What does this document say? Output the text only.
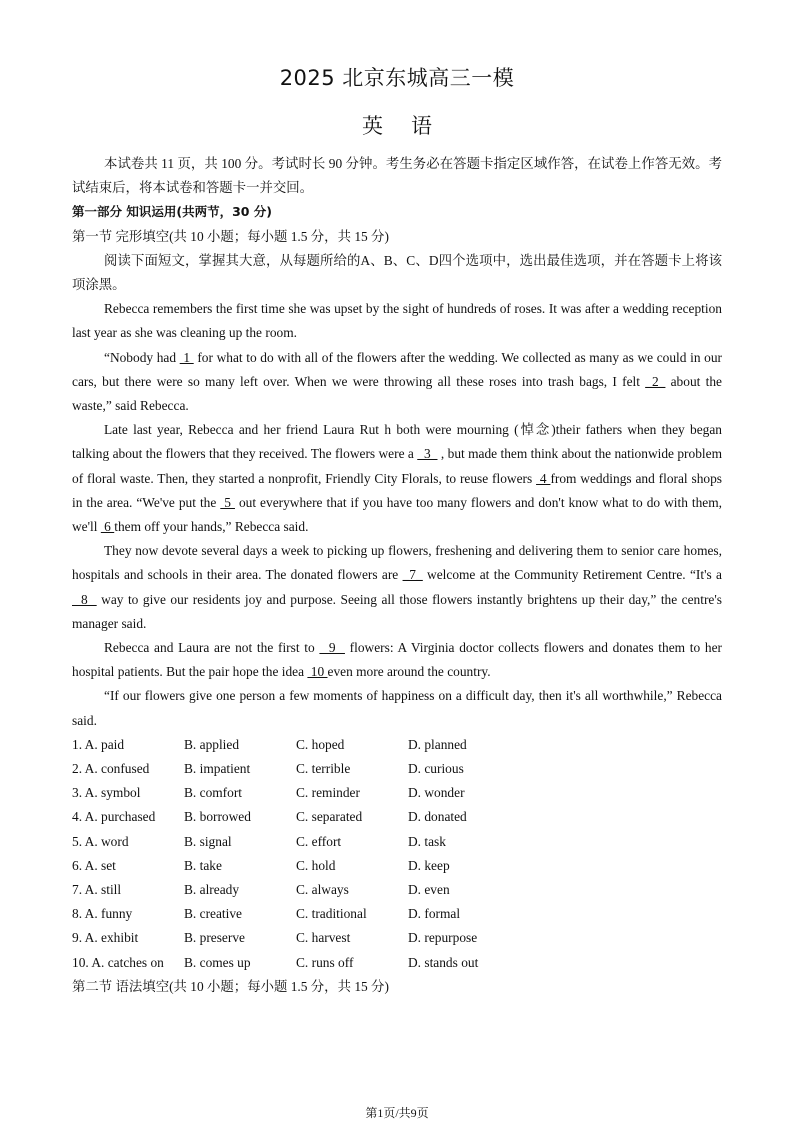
2025 北京东城高三一模
英语

本试卷共 11 页，共 100 分。考试时长 90 分钟。考生务必在答题卡指定区域作答，在试卷上作答无效。考试结束后，将本试卷和答题卡一并交回。

第一部分 知识运用(共两节，30 分)

第一节 完形填空(共 10 小题；每小题 1.5 分，共 15 分)

阅读下面短文，掌握其大意，从每题所给的A、B、C、D四个选项中，选出最佳选项，并在答题卡上将该项涂黑。

Rebecca remembers the first time she was upset by the sight of hundreds of roses. It was after a wedding reception last year as she was cleaning up the room.

“Nobody had  1  for what to do with all of the flowers after the wedding. We collected as many as we could in our cars, but there were so many left over. When we were throwing all these roses into trash bags, I felt _2_ about the waste,” said Rebecca.

Late last year, Rebecca and her friend Laura Rut h both were mourning (悼念)their fathers when they began talking about the flowers that they received. The flowers were a   3   , but made them think about the nationwide problem of floral waste. Then, they started a nonprofit, Friendly City Florals, to reuse flowers  4 from weddings and floral shops in the area. “We've put the  5  out everywhere that if you have too many flowers and don't know what to do with them, we'll  6 them off your hands,” Rebecca said.

They now devote several days a week to picking up flowers, freshening and delivering them to senior care homes, hospitals and schools in their area. The donated flowers are _7_ welcome at the Community Retirement Centre. “It's a   8   way to give our residents joy and purpose. Seeing all those flowers instantly brightens up their day,” the centre's manager said.

Rebecca and Laura are not the first to   9   flowers: A Virginia doctor collects flowers and donates them to her hospital patients. But the pair hope the idea  10 even more around the country.

“If our flowers give one person a few moments of happiness on a difficult day, then it's all worthwhile,” Rebecca said.

1. A. paid	B. applied	C. hoped	D. planned
2. A. confused	B. impatient	C. terrible	D. curious
3. A. symbol	B. comfort	C. reminder	D. wonder
4. A. purchased	B. borrowed	C. separated	D. donated
5. A. word	B. signal	C. effort	D. task
6. A. set	B. take	C. hold	D. keep
7. A. still	B. already	C. always	D. even
8. A. funny	B. creative	C. traditional	D. formal
9. A. exhibit	B. preserve	C. harvest	D. repurpose
10. A. catches on	B. comes up	C. runs off	D. stands out

第二节 语法填空(共 10 小题；每小题 1.5 分，共 15 分)

第1页/共9页
